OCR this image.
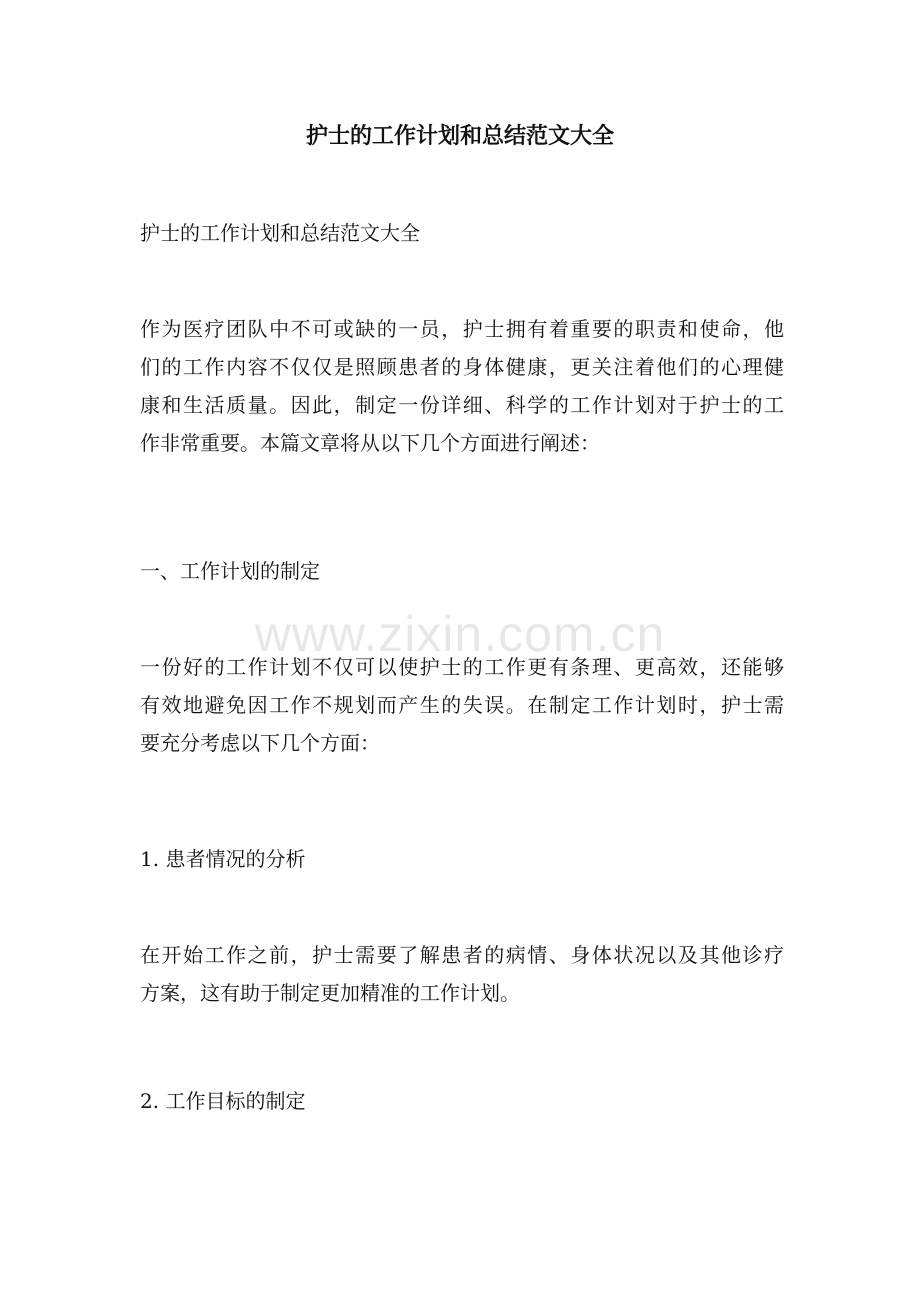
护士的工作计划和总结范文大全

护士的工作计划和总结范文大全

作为医疗团队中不可或缺的一员，护士拥有着重要的职责和使命，他
们的工作内容不仅仅是照顾患者的身体健康，更关注着他们的心理健
康和生活质量。因此，制定一份详细、科学的工作计划对于护士的工
作非常重要。本篇文章将从以下几个方面进行阐述：

一、工作计划的制定

一份好的工作计划不仅可以使护士的工作更有条理、更高效，还能够
有效地避免因工作不规划而产生的失误。在制定工作计划时，护士需
要充分考虑以下几个方面：

1. 患者情况的分析

在开始工作之前，护士需要了解患者的病情、身体状况以及其他诊疗
方案，这有助于制定更加精准的工作计划。

2. 工作目标的制定

www.zixin.com.cn
